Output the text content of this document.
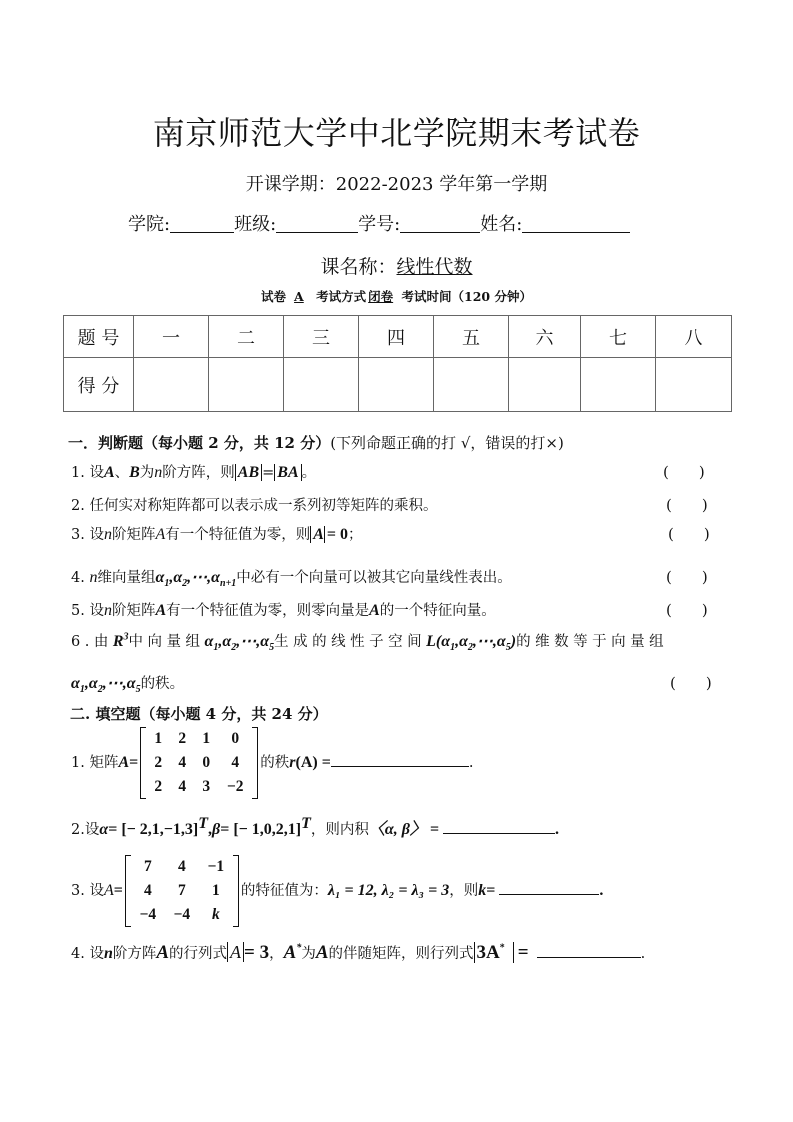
南京师范大学中北学院期末考试卷
开课学期：2022-2023 学年第一学期
学院:	班级:	学号:	姓名:
课名称：线性代数
试卷 A 考试方式 闭卷 考试时间（120 分钟）
题 号	一	二	三	四	五	六	七	八
得 分								
一．判断题（每小题 2 分，共 12 分）(下列命题正确的打 √，错误的打×)
1. 设A、B为n阶方阵，则 AB = BA 。	(　　)
2. 任何实对称矩阵都可以表示成一系列初等矩阵的乘积。	(　　)
3. 设n阶矩阵A有一个特征值为零，则 A = 0；	(　　)
4. n维向量组$\alpha_1,\alpha_2,\cdots,\alpha_{n+1}$中必有一个向量可以被其它向量线性表出。	(　　)
5. 设n阶矩阵A有一个特征值为零，则零向量是A的一个特征向量。	(　　)
6.由$R^3$中向量组$\alpha_1,\alpha_2,\cdots,\alpha_5$生成的线性子空间$L(\alpha_1,\alpha_2,\cdots,\alpha_5)$的维数等于向量组
$\alpha_1,\alpha_2,\cdots,\alpha_5$的秩。	(　　)
二. 填空题（每小题 4 分，共 24 分）
1. 矩阵A=
1	2	1	0
2	4	0	4
2	4	3	−2
的秩r(A) =	.
2.设α= [− 2,1,−1,3]$^T$,β= [− 1,0,2,1]$^T$，则内积〈α, β〉 =	.
3. 设A=
7	4	−1
4	7	1
−4	−4	k
的特征值为：λ₁ = 12, λ₂ = λ₃ = 3，则k=	.
4. 设n阶方阵A的行列式 A = 3，A*为A的伴随矩阵，则行列式 3A* =	.
